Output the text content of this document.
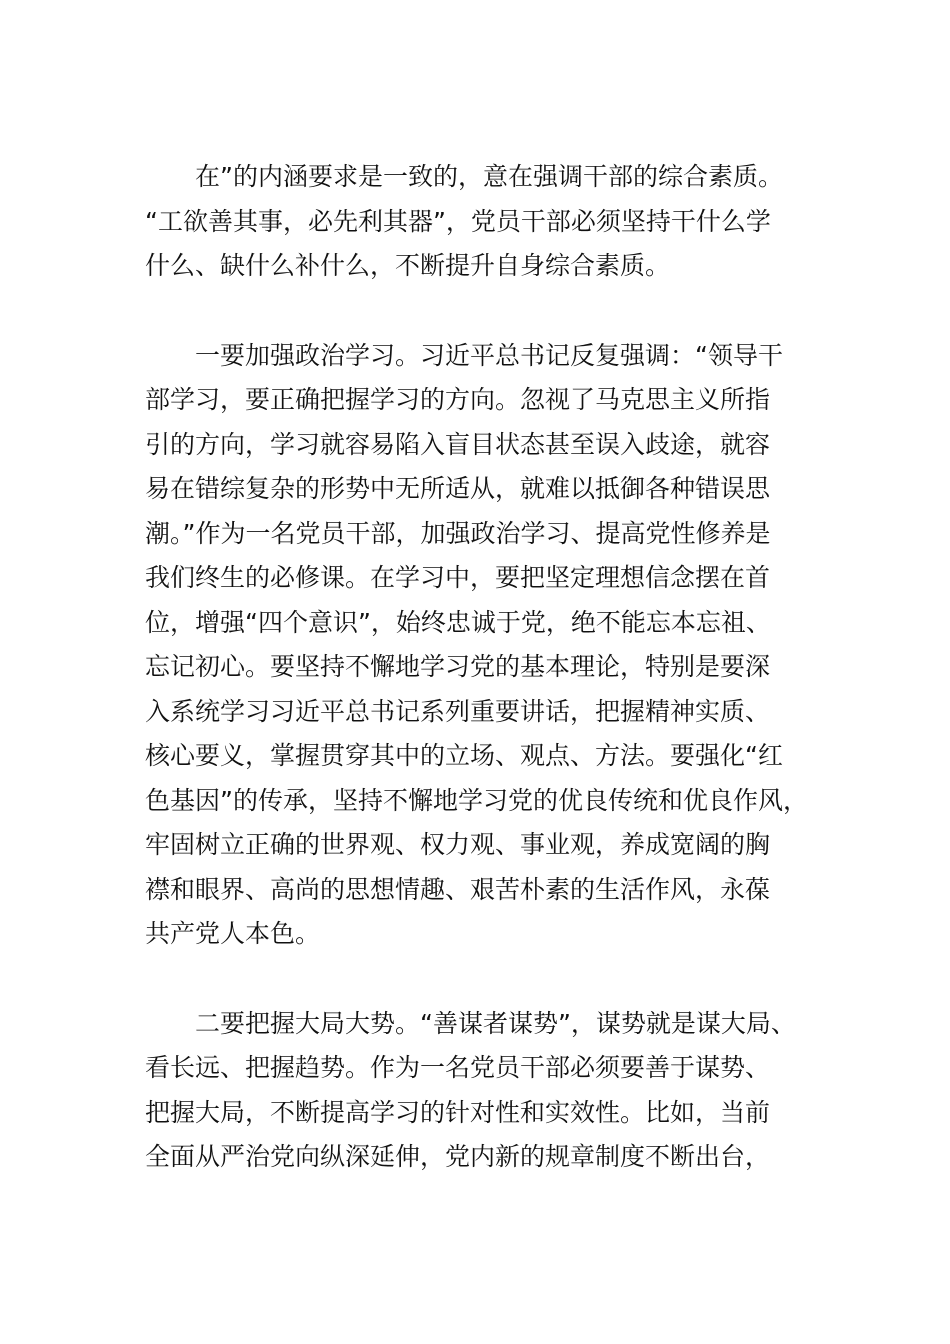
在”的内涵要求是一致的，意在强调干部的综合素质。
“工欲善其事，必先利其器”，党员干部必须坚持干什么学
什么、缺什么补什么，不断提升自身综合素质。

一要加强政治学习。习近平总书记反复强调：“领导干
部学习，要正确把握学习的方向。忽视了马克思主义所指
引的方向，学习就容易陷入盲目状态甚至误入歧途，就容
易在错综复杂的形势中无所适从，就难以抵御各种错误思
潮。”作为一名党员干部，加强政治学习、提高党性修养是
我们终生的必修课。在学习中，要把坚定理想信念摆在首
位，增强“四个意识”，始终忠诚于党，绝不能忘本忘祖、
忘记初心。要坚持不懈地学习党的基本理论，特别是要深
入系统学习习近平总书记系列重要讲话，把握精神实质、
核心要义，掌握贯穿其中的立场、观点、方法。要强化“红
色基因”的传承，坚持不懈地学习党的优良传统和优良作风，
牢固树立正确的世界观、权力观、事业观，养成宽阔的胸
襟和眼界、高尚的思想情趣、艰苦朴素的生活作风，永葆
共产党人本色。

二要把握大局大势。“善谋者谋势”，谋势就是谋大局、
看长远、把握趋势。作为一名党员干部必须要善于谋势、
把握大局，不断提高学习的针对性和实效性。比如，当前
全面从严治党向纵深延伸，党内新的规章制度不断出台，
